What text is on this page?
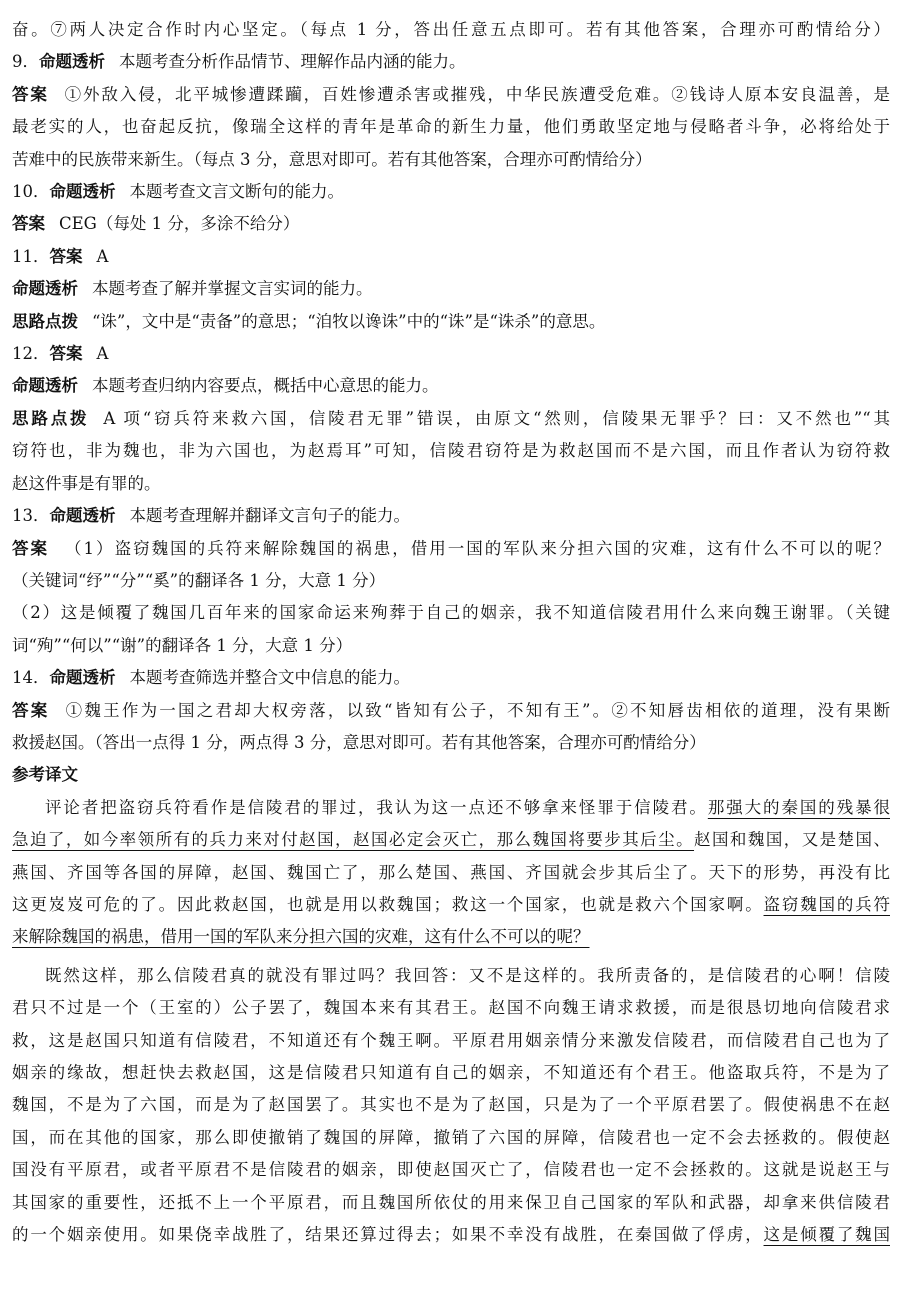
奋。⑦两人决定合作时内心坚定。（每点 1 分，答出任意五点即可。若有其他答案，合理亦可酌情给分）
9．命题透析 本题考查分析作品情节、理解作品内涵的能力。
答案 ①外敌入侵，北平城惨遭蹂躏，百姓惨遭杀害或摧残，中华民族遭受危难。②钱诗人原本安良温善，是
最老实的人，也奋起反抗，像瑞全这样的青年是革命的新生力量，他们勇敢坚定地与侵略者斗争，必将给处于
苦难中的民族带来新生。（每点 3 分，意思对即可。若有其他答案，合理亦可酌情给分）
10．命题透析 本题考查文言文断句的能力。
答案 CEG（每处 1 分，多涂不给分）
11．答案 A
命题透析 本题考查了解并掌握文言实词的能力。
思路点拨 “诛”，文中是“责备”的意思；“洎牧以谗诛”中的“诛”是“诛杀”的意思。
12．答案 A
命题透析 本题考查归纳内容要点，概括中心意思的能力。
思路点拨 A 项“窃兵符来救六国，信陵君无罪”错误，由原文“然则，信陵果无罪乎？曰：又不然也”“其
窃符也，非为魏也，非为六国也，为赵焉耳”可知，信陵君窃符是为救赵国而不是六国，而且作者认为窃符救
赵这件事是有罪的。
13．命题透析 本题考查理解并翻译文言句子的能力。
答案 （1）盗窃魏国的兵符来解除魏国的祸患，借用一国的军队来分担六国的灾难，这有什么不可以的呢？
（关键词“纾”“分”“奚”的翻译各 1 分，大意 1 分）
（2）这是倾覆了魏国几百年来的国家命运来殉葬于自己的姻亲，我不知道信陵君用什么来向魏王谢罪。（关键
词“殉”“何以”“谢”的翻译各 1 分，大意 1 分）
14．命题透析 本题考查筛选并整合文中信息的能力。
答案 ①魏王作为一国之君却大权旁落，以致“皆知有公子，不知有王”。②不知唇齿相依的道理，没有果断
救援赵国。（答出一点得 1 分，两点得 3 分，意思对即可。若有其他答案，合理亦可酌情给分）
参考译文
评论者把盗窃兵符看作是信陵君的罪过，我认为这一点还不够拿来怪罪于信陵君。那强大的秦国的残暴很
急迫了，如今率领所有的兵力来对付赵国，赵国必定会灭亡，那么魏国将要步其后尘。赵国和魏国，又是楚国、
燕国、齐国等各国的屏障，赵国、魏国亡了，那么楚国、燕国、齐国就会步其后尘了。天下的形势，再没有比
这更岌岌可危的了。因此救赵国，也就是用以救魏国；救这一个国家，也就是救六个国家啊。盗窃魏国的兵符
来解除魏国的祸患，借用一国的军队来分担六国的灾难，这有什么不可以的呢？
既然这样，那么信陵君真的就没有罪过吗？我回答：又不是这样的。我所责备的，是信陵君的心啊！信陵
君只不过是一个（王室的）公子罢了，魏国本来有其君王。赵国不向魏王请求救援，而是很恳切地向信陵君求
救，这是赵国只知道有信陵君，不知道还有个魏王啊。平原君用姻亲情分来激发信陵君，而信陵君自己也为了
姻亲的缘故，想赶快去救赵国，这是信陵君只知道有自己的姻亲，不知道还有个君王。他盗取兵符，不是为了
魏国，不是为了六国，而是为了赵国罢了。其实也不是为了赵国，只是为了一个平原君罢了。假使祸患不在赵
国，而在其他的国家，那么即使撤销了魏国的屏障，撤销了六国的屏障，信陵君也一定不会去拯救的。假使赵
国没有平原君，或者平原君不是信陵君的姻亲，即使赵国灭亡了，信陵君也一定不会拯救的。这就是说赵王与
其国家的重要性，还抵不上一个平原君，而且魏国所依仗的用来保卫自己国家的军队和武器，却拿来供信陵君
的一个姻亲使用。如果侥幸战胜了，结果还算过得去；如果不幸没有战胜，在秦国做了俘虏，这是倾覆了魏国
